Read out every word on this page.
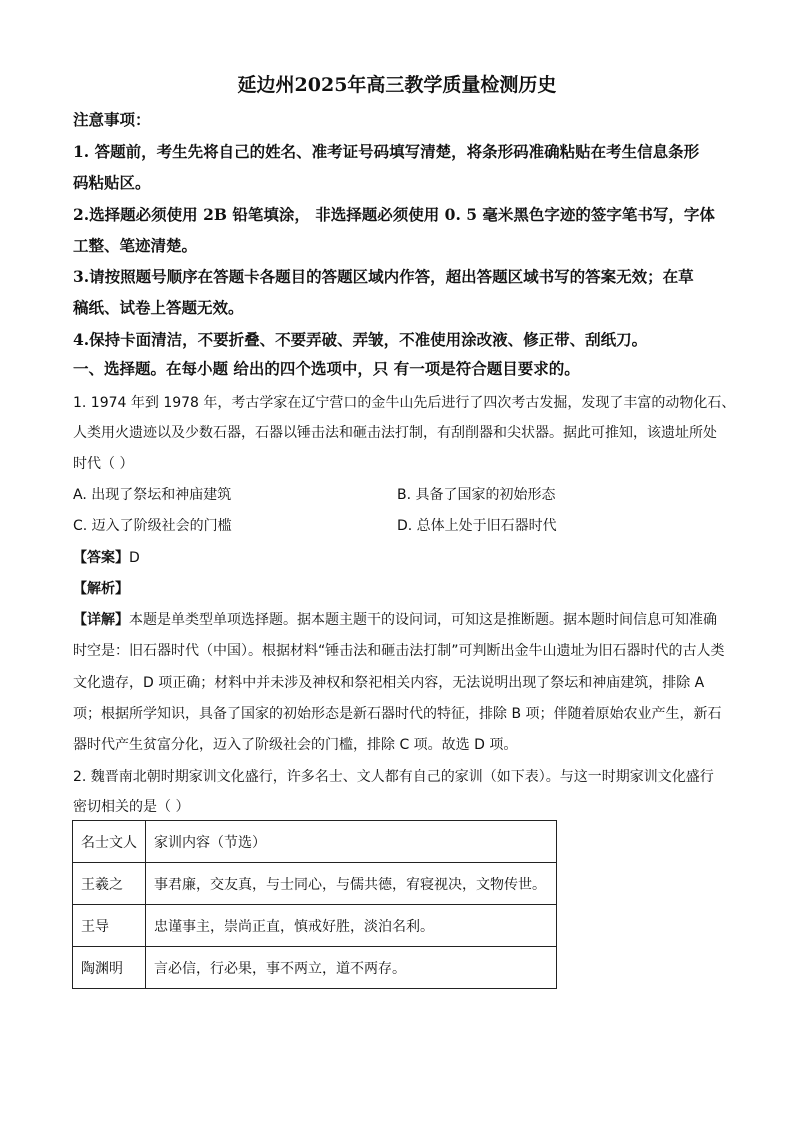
延边州2025年高三教学质量检测历史
注意事项：
1. 答题前，考生先将自己的姓名、准考证号码填写清楚，将条形码准确粘贴在考生信息条形
码粘贴区。
2.选择题必须使用 2B 铅笔填涂， 非选择题必须使用 0. 5 毫米黑色字迹的签字笔书写，字体
工整、笔迹清楚。
3.请按照题号顺序在答题卡各题目的答题区域内作答，超出答题区域书写的答案无效；在草
稿纸、试卷上答题无效。
4.保持卡面清洁，不要折叠、不要弄破、弄皱，不准使用涂改液、修正带、刮纸刀。
一、选择题。在每小题 给出的四个选项中，只 有一项是符合题目要求的。
1. 1974 年到 1978 年，考古学家在辽宁营口的金牛山先后进行了四次考古发掘，发现了丰富的动物化石、
人类用火遗迹以及少数石器，石器以锤击法和砸击法打制，有刮削器和尖状器。据此可推知，该遗址所处
时代（ ）
A. 出现了祭坛和神庙建筑	B. 具备了国家的初始形态
C. 迈入了阶级社会的门槛	D. 总体上处于旧石器时代
【答案】D
【解析】
【详解】本题是单类型单项选择题。据本题主题干的设问词，可知这是推断题。据本题时间信息可知准确
时空是：旧石器时代（中国）。根据材料“锤击法和砸击法打制”可判断出金牛山遗址为旧石器时代的古人类
文化遗存，D 项正确；材料中并未涉及神权和祭祀相关内容，无法说明出现了祭坛和神庙建筑，排除 A
项；根据所学知识，具备了国家的初始形态是新石器时代的特征，排除 B 项；伴随着原始农业产生，新石
器时代产生贫富分化，迈入了阶级社会的门槛，排除 C 项。故选 D 项。
2. 魏晋南北朝时期家训文化盛行，许多名士、文人都有自己的家训（如下表）。与这一时期家训文化盛行
密切相关的是（ ）
名士文人	家训内容（节选）
王羲之	事君廉，交友真，与士同心，与儒共德，宥寝视决，文物传世。
王导	忠谨事主，崇尚正直，慎戒好胜，淡泊名利。
陶渊明	言必信，行必果，事不两立，道不两存。
